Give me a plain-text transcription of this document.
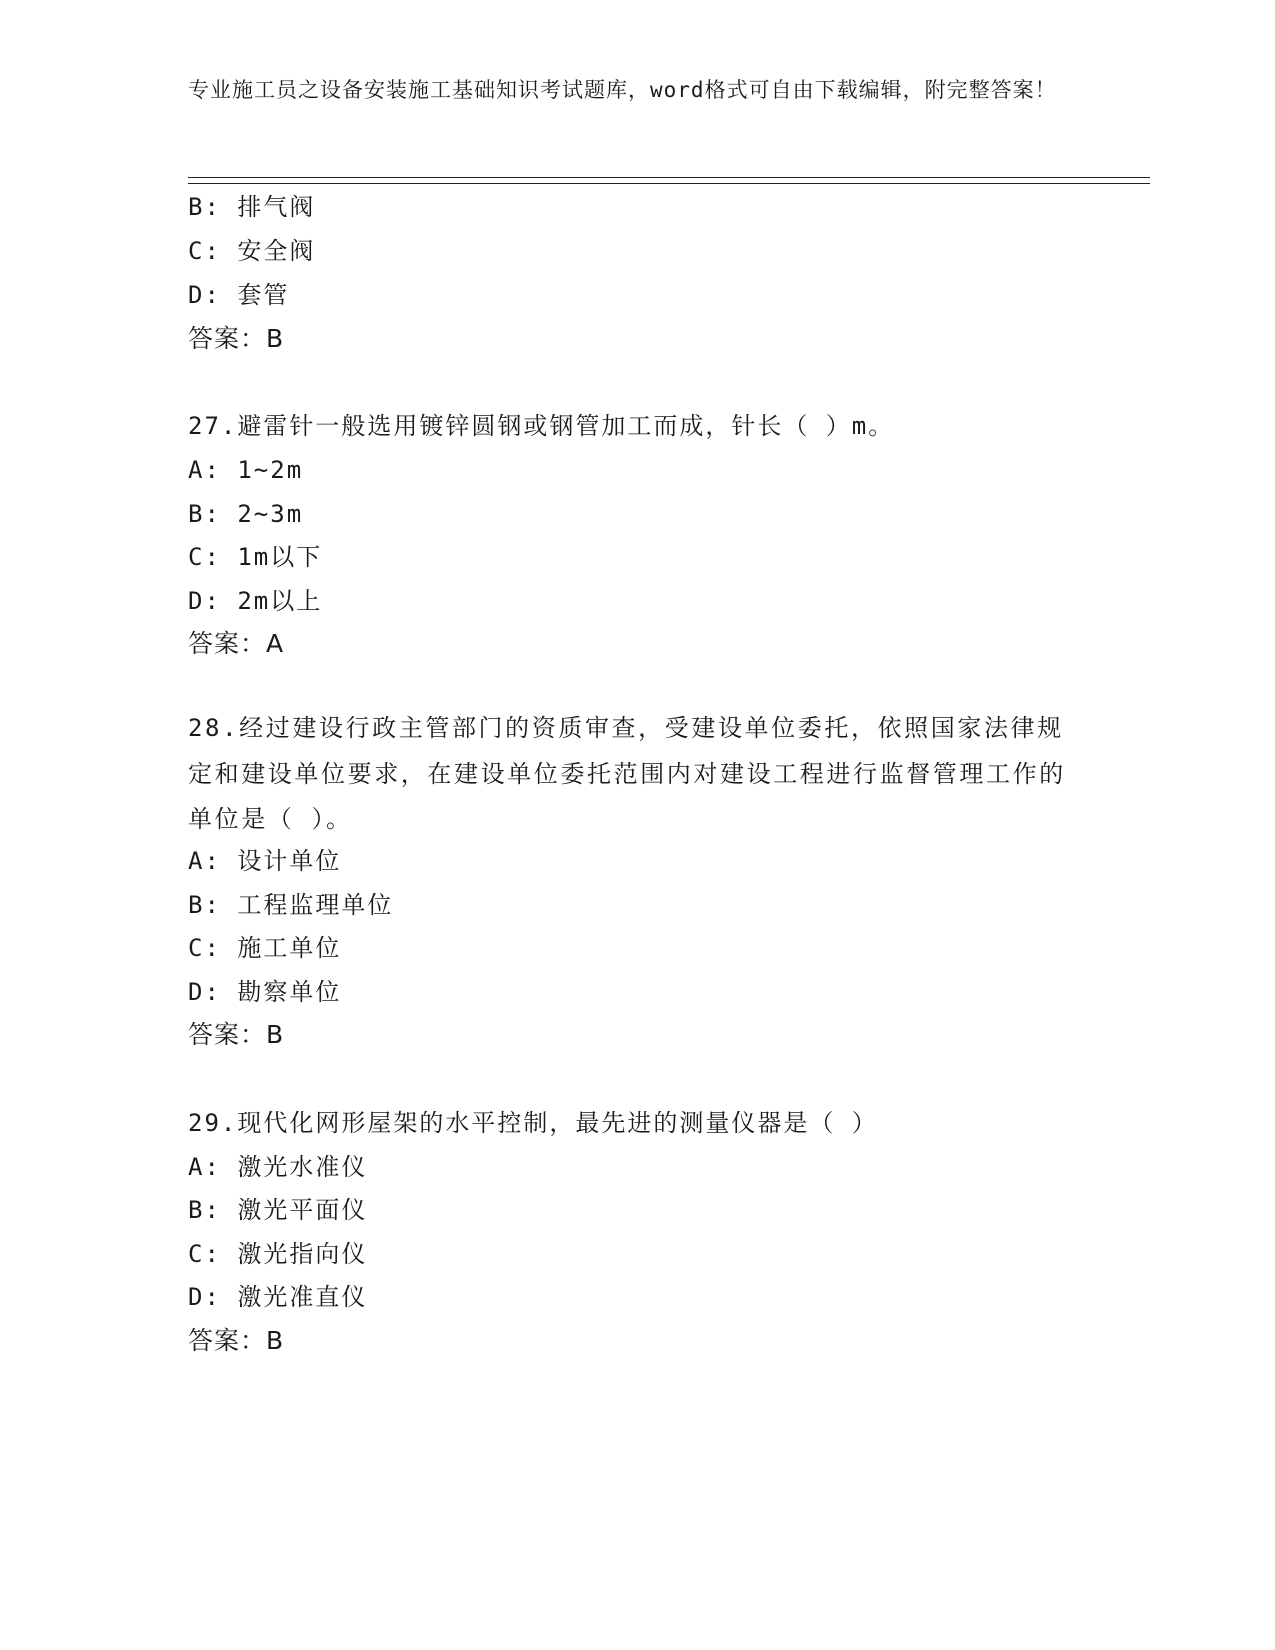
专业施工员之设备安装施工基础知识考试题库，word格式可自由下载编辑，附完整答案！
B: 排气阀
C: 安全阀
D: 套管
答案：B
27.避雷针一般选用镀锌圆钢或钢管加工而成，针长（ ）m。
A: 1~2m
B: 2~3m
C: 1m以下
D: 2m以上
答案：A
28.经过建设行政主管部门的资质审查，受建设单位委托，依照国家法律规定和建设单位要求，在建设单位委托范围内对建设工程进行监督管理工作的单位是（ ）。
A: 设计单位
B: 工程监理单位
C: 施工单位
D: 勘察单位
答案：B
29.现代化网形屋架的水平控制，最先进的测量仪器是（ ）
A: 激光水准仪
B: 激光平面仪
C: 激光指向仪
D: 激光准直仪
答案：B
